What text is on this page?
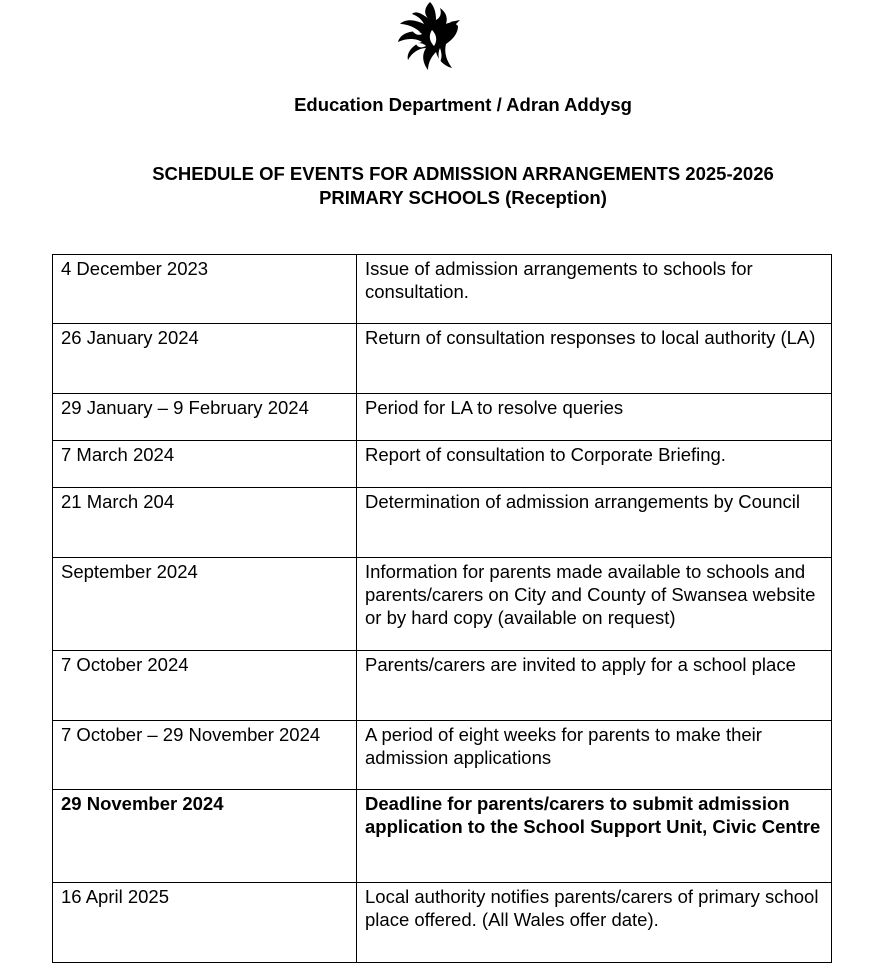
Education Department / Adran Addysg
SCHEDULE OF EVENTS FOR ADMISSION ARRANGEMENTS 2025-2026
PRIMARY SCHOOLS (Reception)
4 December 2023	Issue of admission arrangements to schools for consultation.
26 January 2024	Return of consultation responses to local authority (LA)
29 January – 9 February 2024	Period for LA to resolve queries
7 March 2024	Report of consultation to Corporate Briefing.
21 March 204	Determination of admission arrangements by Council
September 2024	Information for parents made available to schools and parents/carers on City and County of Swansea website or by hard copy (available on request)
7 October 2024	Parents/carers are invited to apply for a school place
7 October – 29 November 2024	A period of eight weeks for parents to make their admission applications
29 November 2024	Deadline for parents/carers to submit admission application to the School Support Unit, Civic Centre
16 April 2025	Local authority notifies parents/carers of primary school place offered. (All Wales offer date).
